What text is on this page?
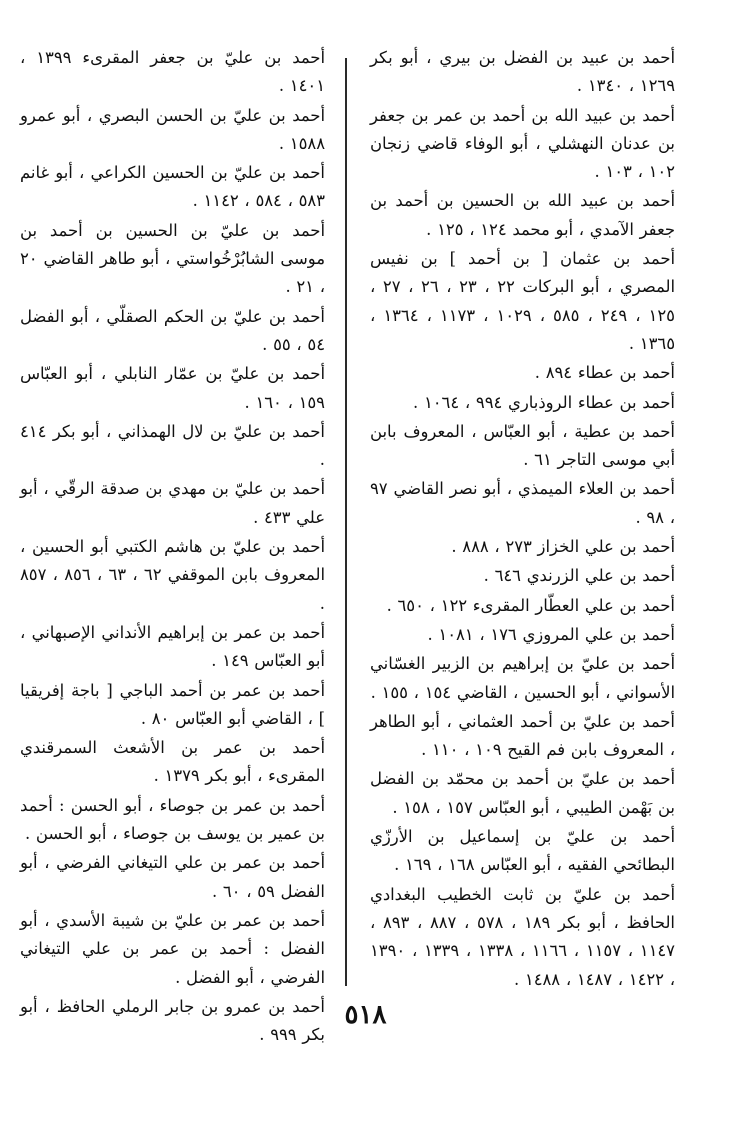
أحمد بن عبيد بن الفضل بن بيري ، أبو بكر ١٢٦٩ ، ١٣٤٠ .

أحمد بن عبيد الله بن أحمد بن عمر بن جعفر بن عدنان النهشلي ، أبو الوفاء قاضي زنجان ١٠٢ ، ١٠٣ .

أحمد بن عبيد الله بن الحسين بن أحمد بن جعفر الآمدي ، أبو محمد ١٢٤ ، ١٢٥ .

أحمد بن عثمان [ بن أحمد ] بن نفيس المصري ، أبو البركات ٢٢ ، ٢٣ ، ٢٦ ، ٢٧ ، ١٢٥ ، ٢٤٩ ، ٥٨٥ ، ١٠٢٩ ، ١١٧٣ ، ١٣٦٤ ، ١٣٦٥ .

أحمد بن عطاء ٨٩٤ .

أحمد بن عطاء الروذباري ٩٩٤ ، ١٠٦٤ .

أحمد بن عطية ، أبو العبّاس ، المعروف بابن أبي موسى التاجر ٦١ .

أحمد بن العلاء الميمذي ، أبو نصر القاضي ٩٧ ، ٩٨ .

أحمد بن علي الخزاز ٢٧٣ ، ٨٨٨ .

أحمد بن علي الزرندي ٦٤٦ .

أحمد بن علي العطّار المقرىء ١٢٢ ، ٦٥٠ .

أحمد بن علي المروزي ١٧٦ ، ١٠٨١ .

أحمد بن عليّ بن إبراهيم بن الزبير الغسّاني الأسواني ، أبو الحسين ، القاضي ١٥٤ ، ١٥٥ .

أحمد بن عليّ بن أحمد العثماني ، أبو الطاهر ، المعروف بابن فم القيح ١٠٩ ، ١١٠ .

أحمد بن عليّ بن أحمد بن محمّد بن الفضل بن بَهْمن الطيبي ، أبو العبّاس ١٥٧ ، ١٥٨ .

أحمد بن عليّ بن إسماعيل بن الأرزّي البطائحي الفقيه ، أبو العبّاس ١٦٨ ، ١٦٩ .

أحمد بن عليّ بن ثابت الخطيب البغدادي الحافظ ، أبو بكر ١٨٩ ، ٥٧٨ ، ٨٨٧ ، ٨٩٣ ، ١١٤٧ ، ١١٥٧ ، ١١٦٦ ، ١٣٣٨ ، ١٣٣٩ ، ١٣٩٠ ، ١٤٢٢ ، ١٤٨٧ ، ١٤٨٨ .

أحمد بن عليّ بن جعفر المقرىء ١٣٩٩ ، ١٤٠١ .

أحمد بن عليّ بن الحسن البصري ، أبو عمرو ١٥٨٨ .

أحمد بن عليّ بن الحسين الكراعي ، أبو غانم ٥٨٣ ، ٥٨٤ ، ١١٤٢ .

أحمد بن عليّ بن الحسين بن أحمد بن موسى الشابُرْخُواستي ، أبو طاهر القاضي ٢٠ ، ٢١ .

أحمد بن عليّ بن الحكم الصقلّي ، أبو الفضل ٥٤ ، ٥٥ .

أحمد بن عليّ بن عمّار النابلي ، أبو العبّاس ١٥٩ ، ١٦٠ .

أحمد بن عليّ بن لال الهمذاني ، أبو بكر ٤١٤ .

أحمد بن عليّ بن مهدي بن صدقة الرقّي ، أبو علي ٤٣٣ .

أحمد بن عليّ بن هاشم الكتبي أبو الحسين ، المعروف بابن الموقفي ٦٢ ، ٦٣ ، ٨٥٦ ، ٨٥٧ .

أحمد بن عمر بن إبراهيم الأنداني الإصبهاني ، أبو العبّاس ١٤٩ .

أحمد بن عمر بن أحمد الباجي [ باجة إفريقيا ] ، القاضي أبو العبّاس ٨٠ .

أحمد بن عمر بن الأشعث السمرقندي المقرىء ، أبو بكر ١٣٧٩ .

أحمد بن عمر بن جوصاء ، أبو الحسن : أحمد بن عمير بن يوسف بن جوصاء ، أبو الحسن .

أحمد بن عمر بن علي التيغاني الفرضي ، أبو الفضل ٥٩ ، ٦٠ .

أحمد بن عمر بن عليّ بن شيبة الأسدي ، أبو الفضل : أحمد بن عمر بن علي التيغاني الفرضي ، أبو الفضل .

أحمد بن عمرو بن جابر الرملي الحافظ ، أبو بكر ٩٩٩ .

٥١٨
